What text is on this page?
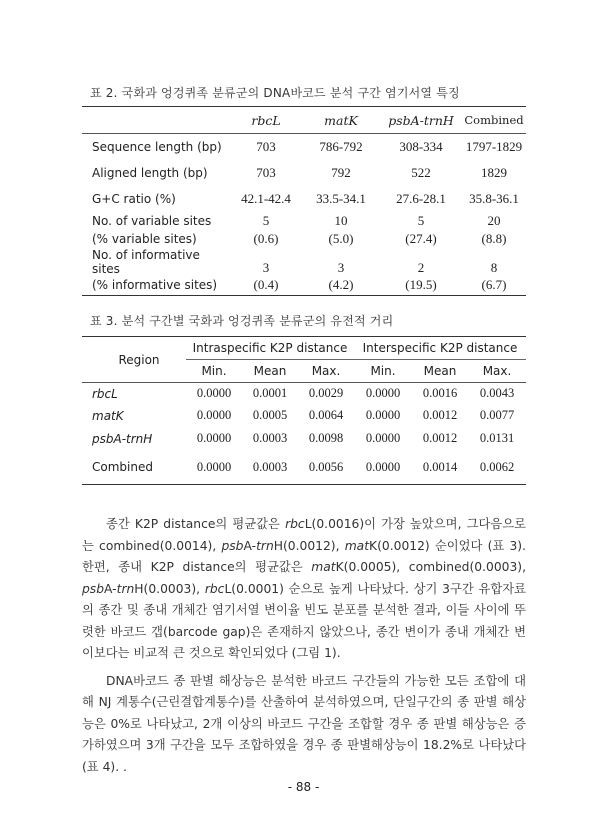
표 2. 국화과 엉겅퀴족 분류군의 DNA바코드 분석 구간 염기서열 특징
	rbcL	matK	psbA-trnH	Combined
Sequence length (bp)	703	786-792	308-334	1797-1829
Aligned length (bp)	703	792	522	1829
G+C ratio (%)	42.1-42.4	33.5-34.1	27.6-28.1	35.8-36.1
No. of variable sites	5	10	5	20
(% variable sites)	(0.6)	(5.0)	(27.4)	(8.8)
No. of informative sites	3	3	2	8
(% informative sites)	(0.4)	(4.2)	(19.5)	(6.7)
표 3. 분석 구간별 국화과 엉겅퀴족 분류군의 유전적 거리
Region	Intraspecific K2P distance			Interspecific K2P distance		
	Min.	Mean	Max.	Min.	Mean	Max.
rbcL	0.0000	0.0001	0.0029	0.0000	0.0016	0.0043
matK	0.0000	0.0005	0.0064	0.0000	0.0012	0.0077
psbA-trnH	0.0000	0.0003	0.0098	0.0000	0.0012	0.0131
Combined	0.0000	0.0003	0.0056	0.0000	0.0014	0.0062

종간 K2P distance의 평균값은 rbcL(0.0016)이 가장 높았으며, 그다음으로는 combined(0.0014), psbA-trnH(0.0012), matK(0.0012) 순이었다 (표 3). 한편, 종내 K2P distance의 평균값은 matK(0.0005), combined(0.0003), psbA-trnH(0.0003), rbcL(0.0001) 순으로 높게 나타났다. 상기 3구간 유합자료의 종간 및 종내 개체간 염기서열 변이율 빈도 분포를 분석한 결과, 이들 사이에 뚜렷한 바코드 갭(barcode gap)은 존재하지 않았으나, 종간 변이가 종내 개체간 변이보다는 비교적 큰 것으로 확인되었다 (그림 1).

DNA바코드 종 판별 해상능은 분석한 바코드 구간들의 가능한 모든 조합에 대해 NJ 계통수(근린결합계통수)를 산출하여 분석하였으며, 단일구간의 종 판별 해상능은 0%로 나타났고, 2개 이상의 바코드 구간을 조합할 경우 종 판별 해상능은 증가하였으며 3개 구간을 모두 조합하였을 경우 종 판별해상능이 18.2%로 나타났다 (표 4). .

- 88 -
